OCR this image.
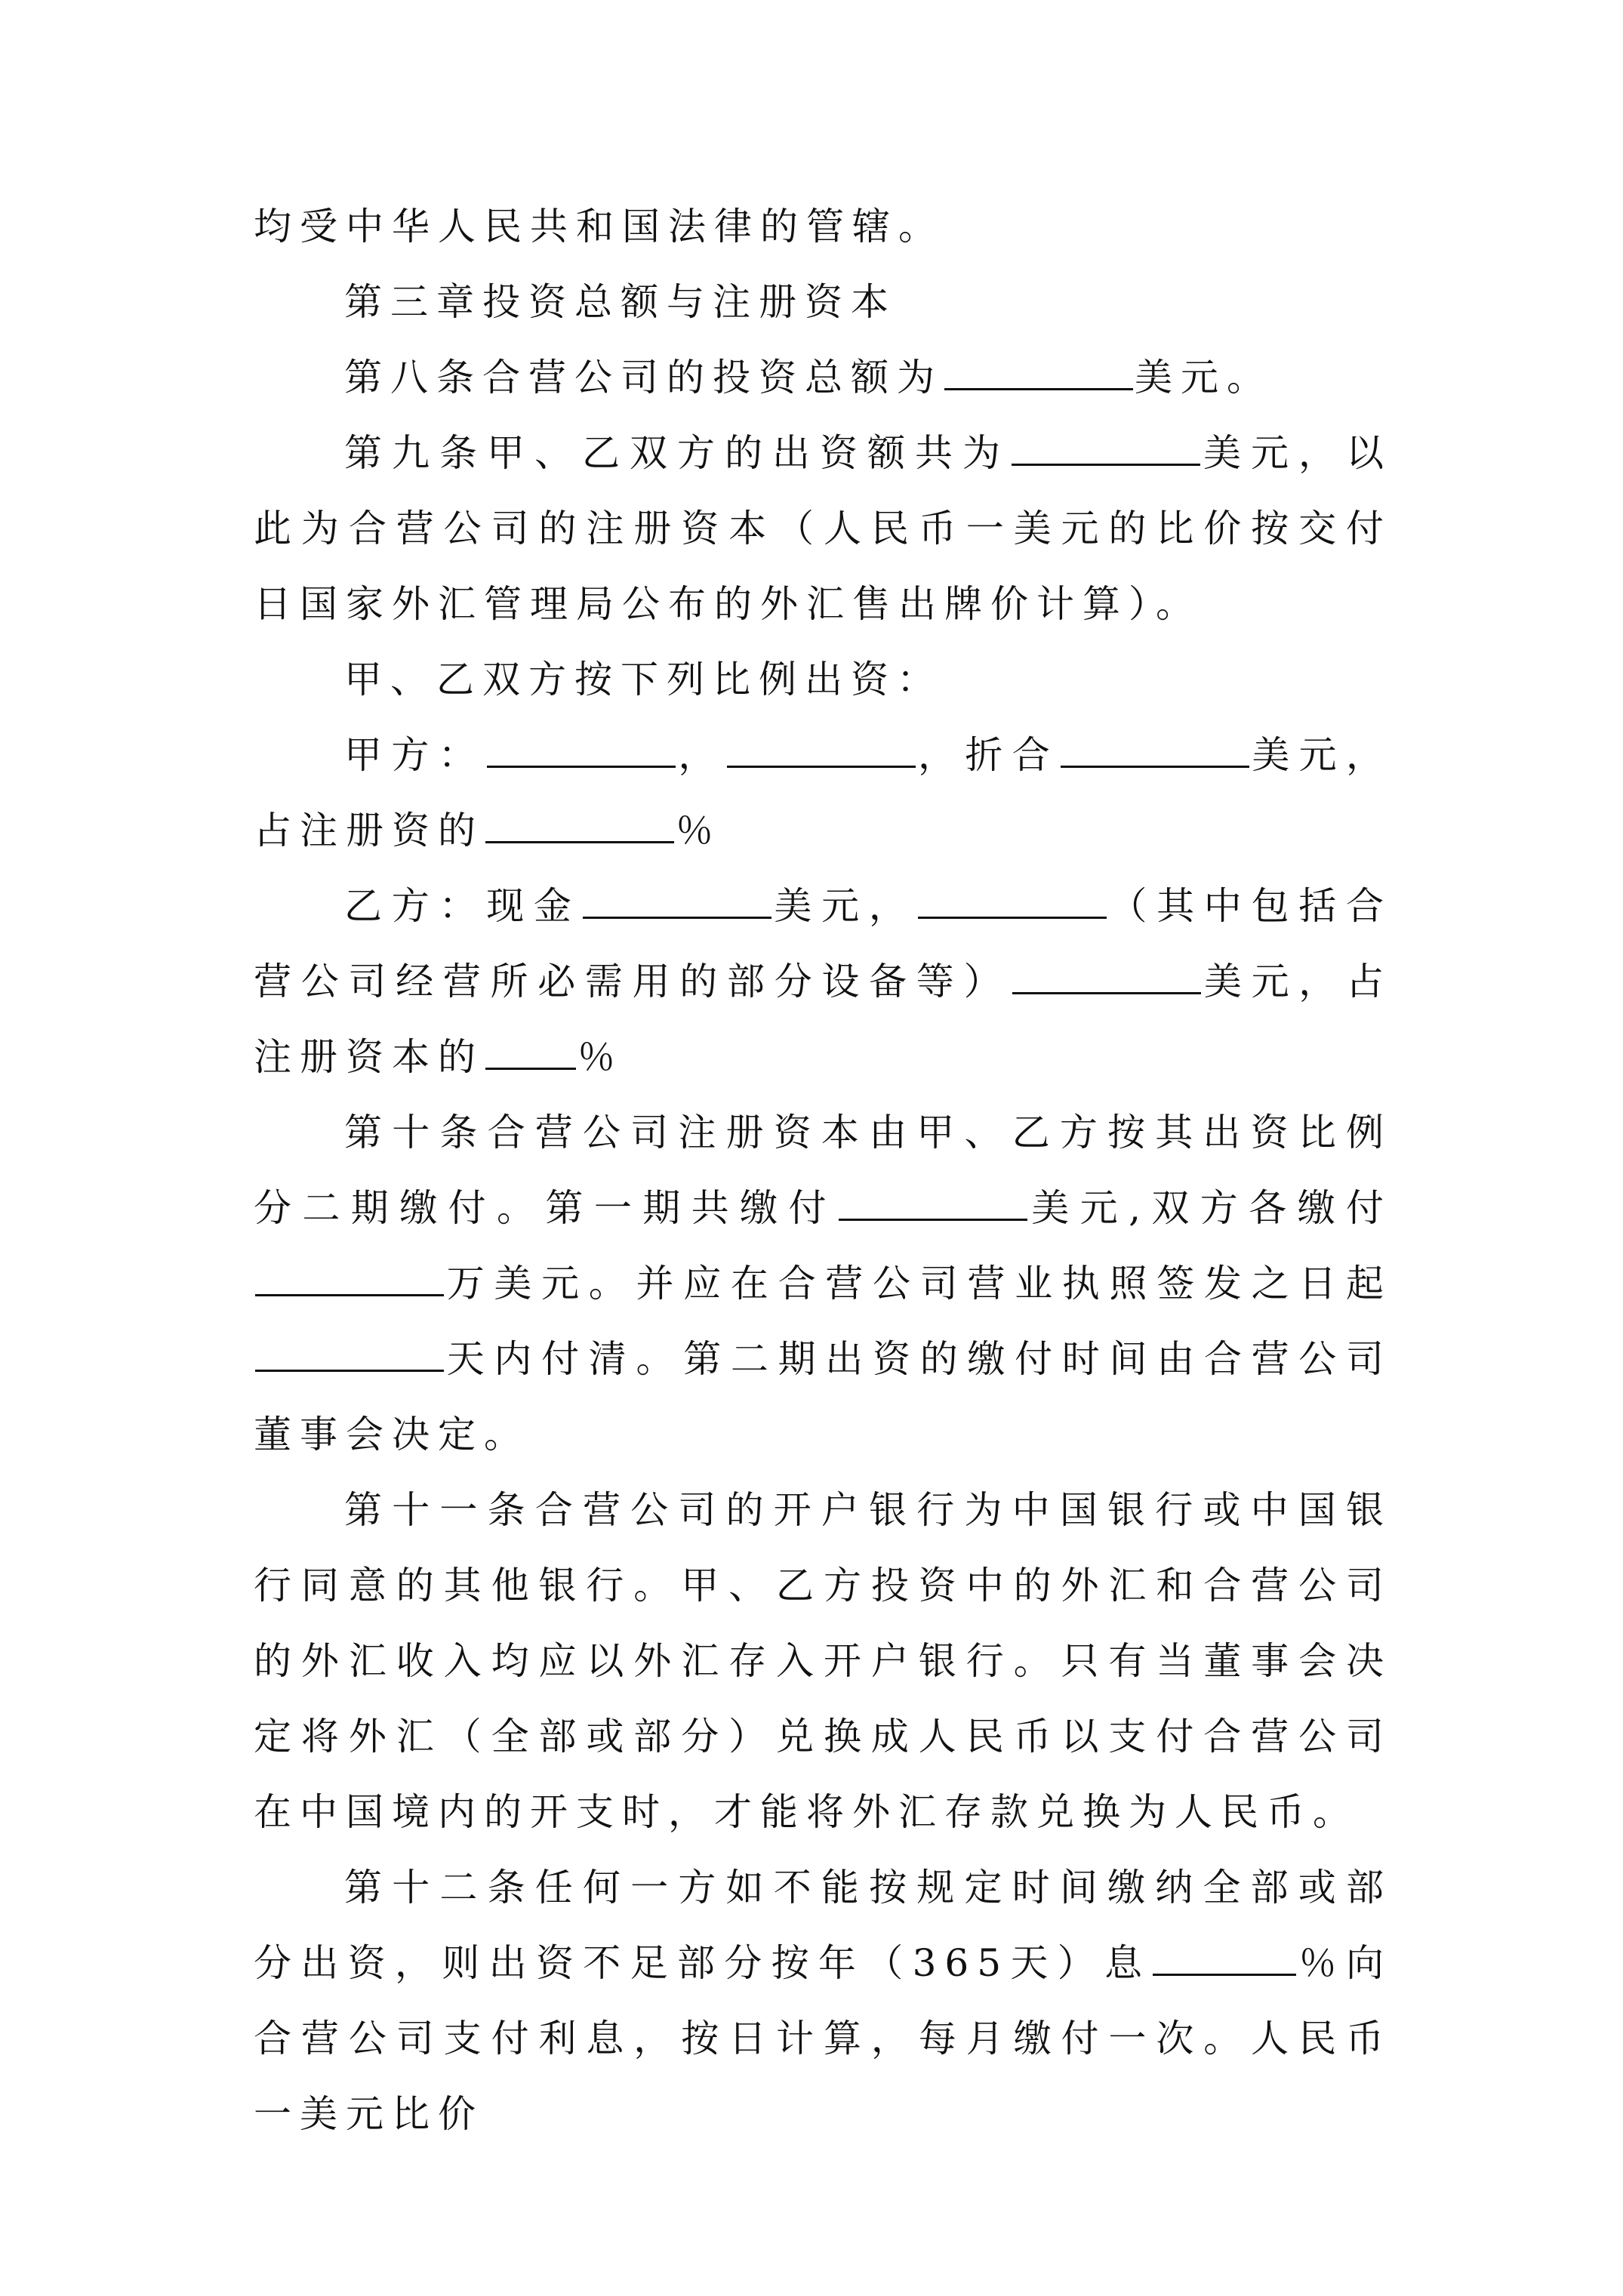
均受中华人民共和国法律的管辖。

第三章投资总额与注册资本

第八条合营公司的投资总额为	美元。

第九条甲、乙双方的出资额共为	美元，以此为合营公司的注册资本（人民币一美元的比价按交付日国家外汇管理局公布的外汇售出牌价计算）。

甲、乙双方按下列比例出资：

甲方：	，	，折合	美元，占注册资的	％

乙方：现金	美元，	（其中包括合营公司经营所必需用的部分设备等）	美元，占注册资本的 ％

第十条合营公司注册资本由甲、乙方按其出资比例分二期缴付。第一期共缴付	美元,双方各缴付万美元。并应在合营公司营业执照签发之日起天内付清。第二期出资的缴付时间由合营公司董事会决定。

第十一条合营公司的开户银行为中国银行或中国银行同意的其他银行。甲、乙方投资中的外汇和合营公司的外汇收入均应以外汇存入开户银行。只有当董事会决定将外汇（全部或部分）兑换成人民币以支付合营公司在中国境内的开支时，才能将外汇存款兑换为人民币。

第十二条任何一方如不能按规定时间缴纳全部或部分出资，则出资不足部分按年（365天）息	％向合营公司支付利息，按日计算，每月缴付一次。人民币一美元比价
